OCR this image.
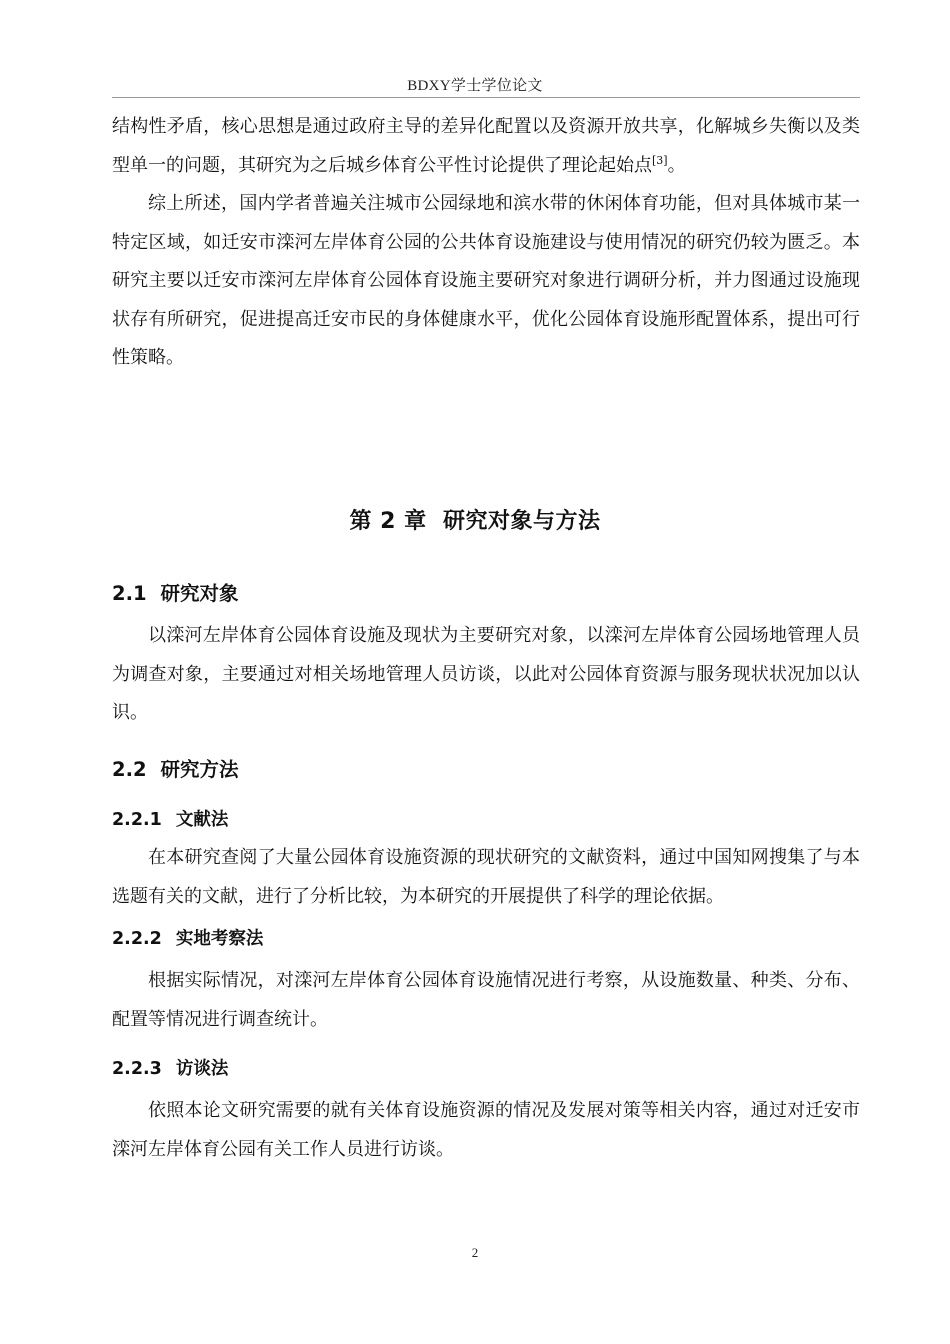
BDXY学士学位论文

结构性矛盾，核心思想是通过政府主导的差异化配置以及资源开放共享，化解城乡失衡以及类型单一的问题，其研究为之后城乡体育公平性讨论提供了理论起始点[3]。

综上所述，国内学者普遍关注城市公园绿地和滨水带的休闲体育功能，但对具体城市某一特定区域，如迁安市滦河左岸体育公园的公共体育设施建设与使用情况的研究仍较为匮乏。本研究主要以迁安市滦河左岸体育公园体育设施主要研究对象进行调研分析，并力图通过设施现状存有所研究，促进提高迁安市民的身体健康水平，优化公园体育设施形配置体系，提出可行性策略。

第 2 章 研究对象与方法
2.1 研究对象

以滦河左岸体育公园体育设施及现状为主要研究对象，以滦河左岸体育公园场地管理人员为调查对象，主要通过对相关场地管理人员访谈，以此对公园体育资源与服务现状状况加以认识。

2.2 研究方法
2.2.1 文献法

在本研究查阅了大量公园体育设施资源的现状研究的文献资料，通过中国知网搜集了与本选题有关的文献，进行了分析比较，为本研究的开展提供了科学的理论依据。

2.2.2 实地考察法

根据实际情况，对滦河左岸体育公园体育设施情况进行考察，从设施数量、种类、分布、配置等情况进行调查统计。

2.2.3 访谈法

依照本论文研究需要的就有关体育设施资源的情况及发展对策等相关内容，通过对迁安市滦河左岸体育公园有关工作人员进行访谈。

2
